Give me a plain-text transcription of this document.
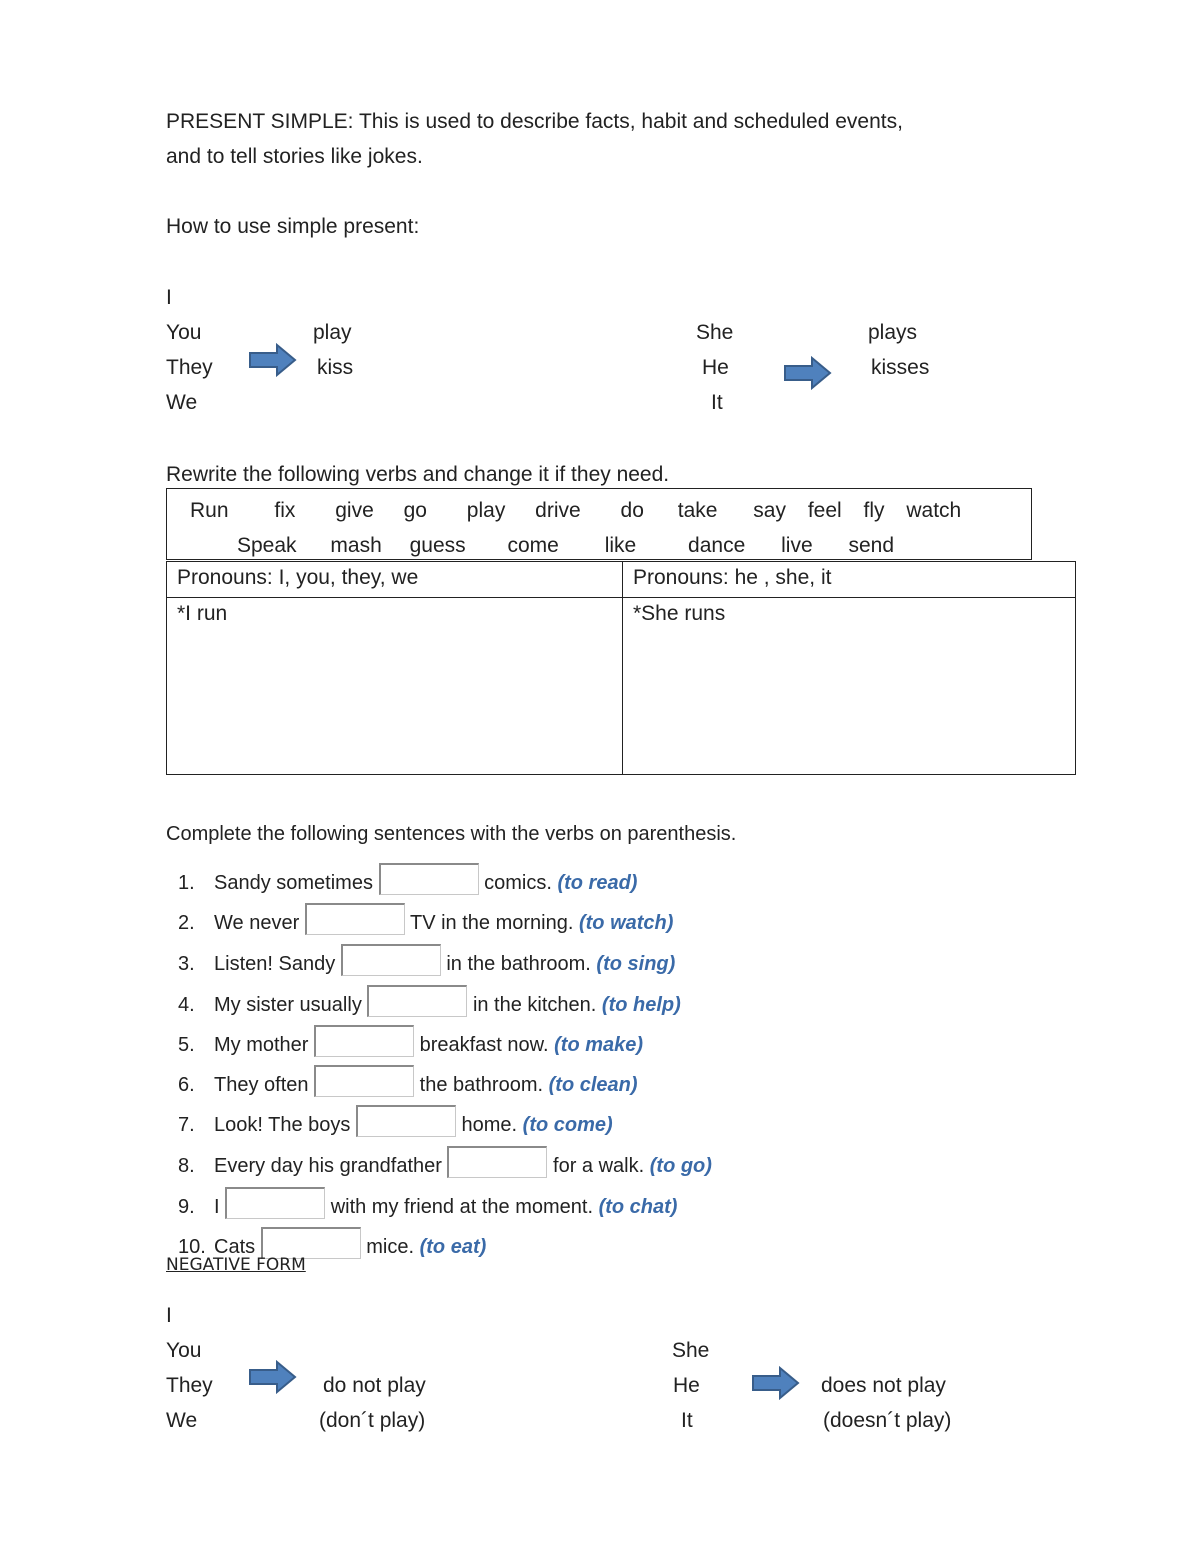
PRESENT SIMPLE: This is used to describe facts, habit and scheduled events,
and to tell stories like jokes.
How to use simple present:
I
You
They
We
play
kiss
She
He
It
plays
kisses
Rewrite the following verbs and change it if they need.
Run fix give go play drive do take say feel fly watch
Speak mash guess come like dance live send
Pronouns: I, you, they, we	Pronouns: he , she, it
*I run	*She runs
Complete the following sentences with the verbs on parenthesis.
1. Sandy sometimes	comics. (to read)
2. We never	TV in the morning. (to watch)
3. Listen! Sandy	in the bathroom. (to sing)
4. My sister usually	in the kitchen. (to help)
5. My mother	breakfast now. (to make)
6. They often	the bathroom. (to clean)
7. Look! The boys	home. (to come)
8. Every day his grandfather	for a walk. (to go)
9. I	with my friend at the moment. (to chat)
10. Cats	mice. (to eat)
NEGATIVE FORM
I
You
They
We
do not play
(don´t play)
She
He
It
does not play
(doesn´t play)
